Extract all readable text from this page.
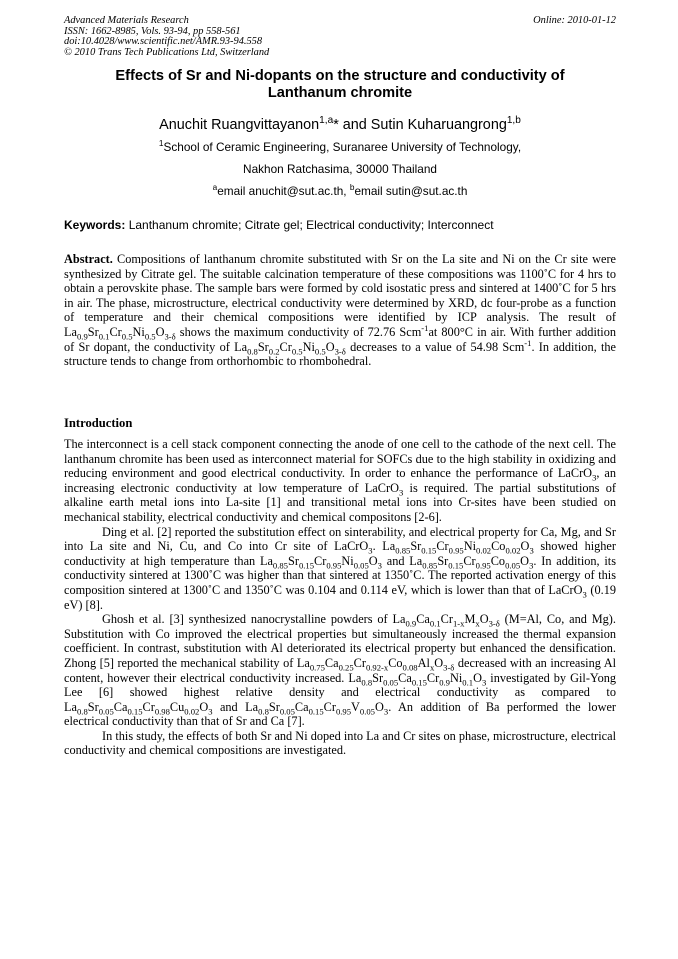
Advanced Materials Research
ISSN: 1662-8985, Vols. 93-94, pp 558-561
doi:10.4028/www.scientific.net/AMR.93-94.558
© 2010 Trans Tech Publications Ltd, Switzerland
Online: 2010-01-12
Effects of Sr and Ni-dopants on the structure and conductivity of
Lanthanum chromite
Anuchit Ruangvittayanon$^{1,a}$* and Sutin Kuharuangrong$^{1,b}$
$^1$School of Ceramic Engineering, Suranaree University of Technology,
Nakhon Ratchasima, 30000 Thailand
$^a$email anuchit@sut.ac.th, $^b$email sutin@sut.ac.th
Keywords: Lanthanum chromite; Citrate gel; Electrical conductivity; Interconnect

Abstract. Compositions of lanthanum chromite substituted with Sr on the La site and Ni on the Cr site were synthesized by Citrate gel. The suitable calcination temperature of these compositions was 1100˚C for 4 hrs to obtain a perovskite phase. The sample bars were formed by cold isostatic press and sintered at 1400˚C for 5 hrs in air. The phase, microstructure, electrical conductivity were determined by XRD, dc four-probe as a function of temperature and their chemical compositions were identified by ICP analysis. The result of $La_{0.9}Sr_{0.1}Cr_{0.5}Ni_{0.5}O_{3-\delta}$ shows the maximum conductivity of 72.76 Scm$^{-1}$at 800°C in air. With further addition of Sr dopant, the conductivity of $La_{0.8}Sr_{0.2}Cr_{0.5}Ni_{0.5}O_{3-\delta}$ decreases to a value of 54.98 Scm$^{-1}$. In addition, the structure tends to change from orthorhombic to rhombohedral.

Introduction

The interconnect is a cell stack component connecting the anode of one cell to the cathode of the next cell. The lanthanum chromite has been used as interconnect material for SOFCs due to the high stability in oxidizing and reducing environment and good electrical conductivity. In order to enhance the performance of LaCrO$_3$, an increasing electronic conductivity at low temperature of LaCrO$_3$ is required. The partial substitutions of alkaline earth metal ions into La-site [1] and transitional metal ions into Cr-sites have been studied on mechanical stability, electrical conductivity and chemical compositons [2-6].

Ding et al. [2] reported the substitution effect on sinterability, and electrical property for Ca, Mg, and Sr into La site and Ni, Cu, and Co into Cr site of LaCrO$_3$. $La_{0.85}Sr_{0.15}Cr_{0.95}Ni_{0.02}Co_{0.02}O_3$ showed higher conductivity at high temperature than $La_{0.85}Sr_{0.15}Cr_{0.95}Ni_{0.05}O_3$ and $La_{0.85}Sr_{0.15}Cr_{0.95}Co_{0.05}O_3$. In addition, its conductivity sintered at 1300˚C was higher than that sintered at 1350˚C. The reported activation energy of this composition sintered at 1300˚C and 1350˚C was 0.104 and 0.114 eV, which is lower than that of LaCrO$_3$ (0.19 eV) [8].

Ghosh et al. [3] synthesized nanocrystalline powders of $La_{0.9}Ca_{0.1}Cr_{1-x}M_xO_{3-\delta}$ (M=Al, Co, and Mg). Substitution with Co improved the electrical properties but simultaneously increased the thermal expansion coefficient. In contrast, substitution with Al deteriorated its electrical property but enhanced the densification. Zhong [5] reported the mechanical stability of $La_{0.75}Ca_{0.25}Cr_{0.92-x}Co_{0.08}Al_xO_{3-\delta}$ decreased with an increasing Al content, however their electrical conductivity increased. $La_{0.8}Sr_{0.05}Ca_{0.15}Cr_{0.9}Ni_{0.1}O_3$ investigated by Gil-Yong Lee [6] showed highest relative density and electrical conductivity as compared to $La_{0.8}Sr_{0.05}Ca_{0.15}Cr_{0.98}Cu_{0.02}O_3$ and $La_{0.8}Sr_{0.05}Ca_{0.15}Cr_{0.95}V_{0.05}O_3$. An addition of Ba performed the lower electrical conductivity than that of Sr and Ca [7].

In this study, the effects of both Sr and Ni doped into La and Cr sites on phase, microstructure, electrical conductivity and chemical compositions are investigated.
